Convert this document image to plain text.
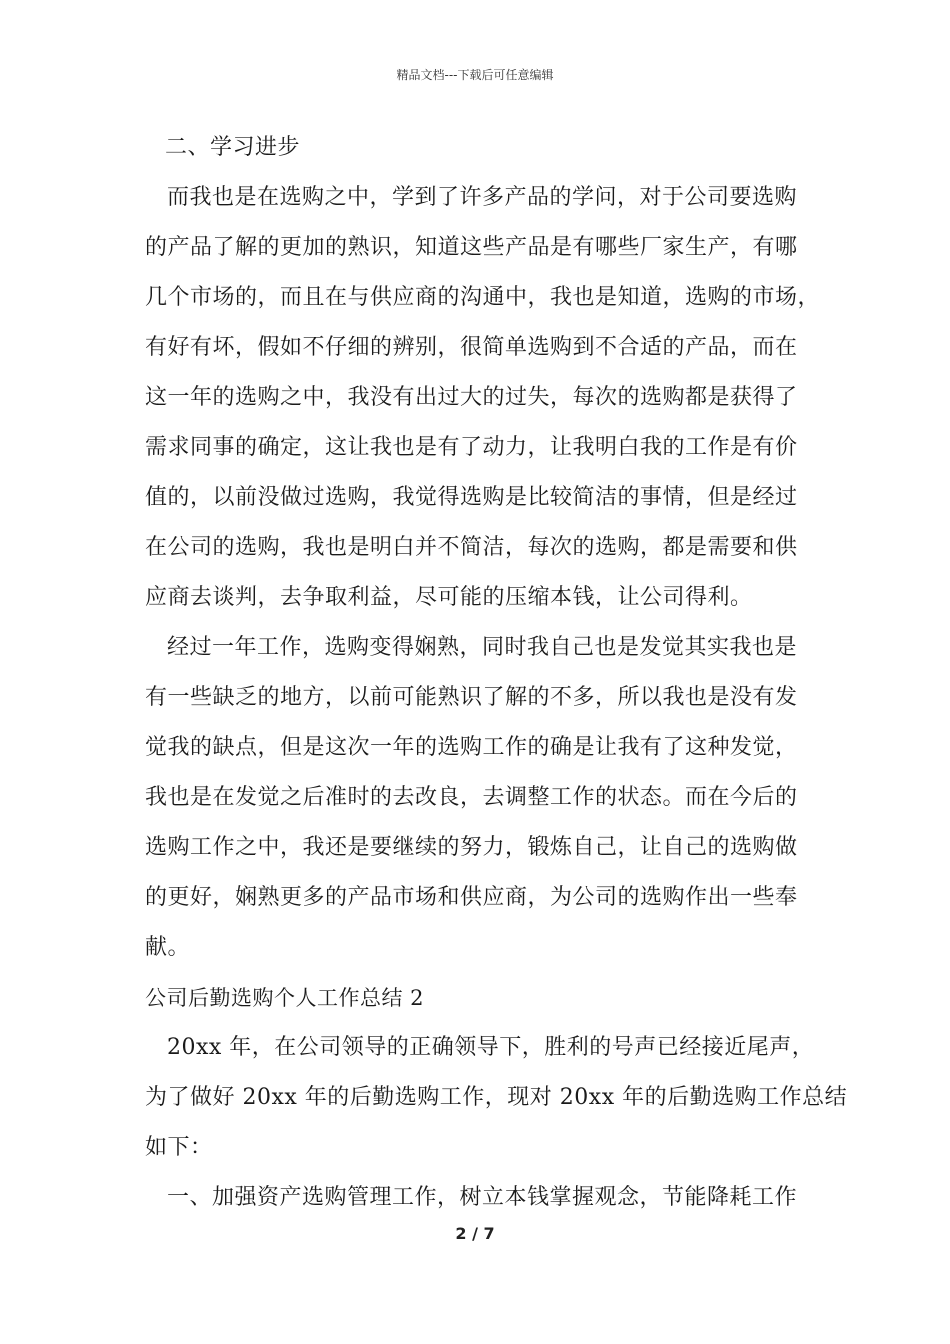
精品文档---下载后可任意编辑
二、学习进步
而我也是在选购之中，学到了许多产品的学问，对于公司要选购
的产品了解的更加的熟识，知道这些产品是有哪些厂家生产，有哪
几个市场的，而且在与供应商的沟通中，我也是知道，选购的市场，
有好有坏，假如不仔细的辨别，很简单选购到不合适的产品，而在
这一年的选购之中，我没有出过大的过失，每次的选购都是获得了
需求同事的确定，这让我也是有了动力，让我明白我的工作是有价
值的，以前没做过选购，我觉得选购是比较简洁的事情，但是经过
在公司的选购，我也是明白并不简洁，每次的选购，都是需要和供
应商去谈判，去争取利益，尽可能的压缩本钱，让公司得利。
经过一年工作，选购变得娴熟，同时我自己也是发觉其实我也是
有一些缺乏的地方，以前可能熟识了解的不多，所以我也是没有发
觉我的缺点，但是这次一年的选购工作的确是让我有了这种发觉，
我也是在发觉之后准时的去改良，去调整工作的状态。而在今后的
选购工作之中，我还是要继续的努力，锻炼自己，让自己的选购做
的更好，娴熟更多的产品市场和供应商，为公司的选购作出一些奉
献。
公司后勤选购个人工作总结 2
20xx 年，在公司领导的正确领导下，胜利的号声已经接近尾声，
为了做好 20xx 年的后勤选购工作，现对 20xx 年的后勤选购工作总结
如下：
一、加强资产选购管理工作，树立本钱掌握观念，节能降耗工作
2 / 7
